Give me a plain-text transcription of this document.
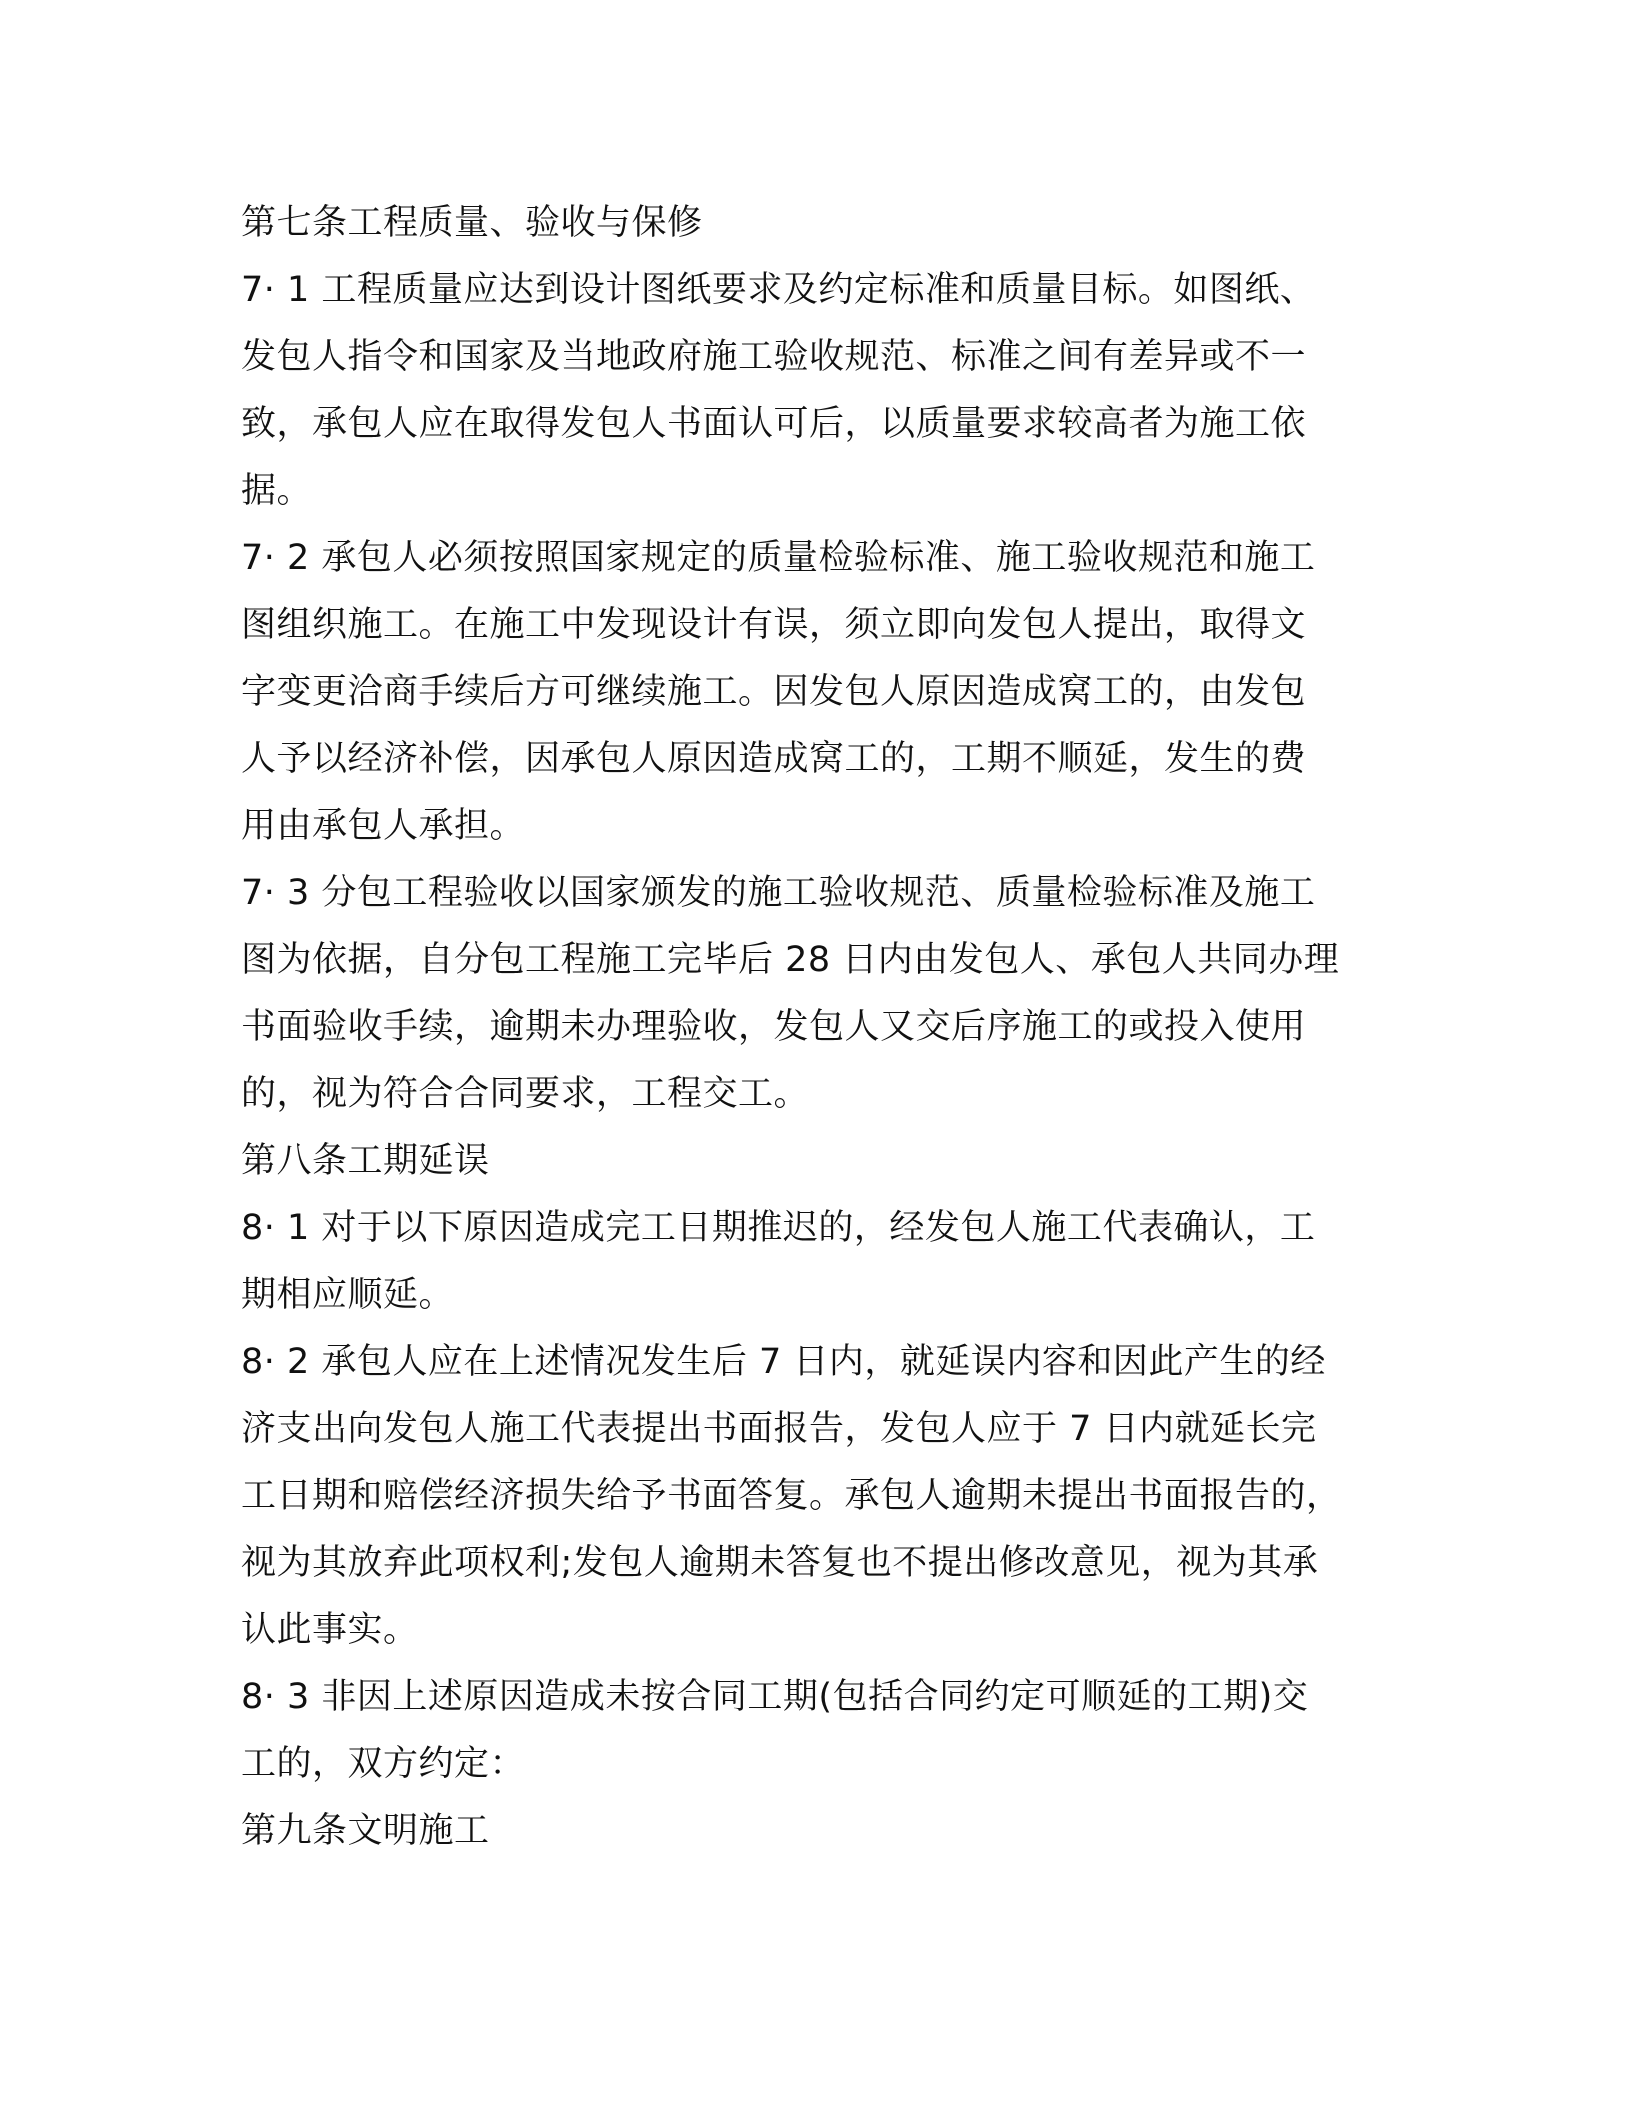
第七条工程质量、验收与保修
7· 1 工程质量应达到设计图纸要求及约定标准和质量目标。如图纸、
发包人指令和国家及当地政府施工验收规范、标准之间有差异或不一
致，承包人应在取得发包人书面认可后，以质量要求较高者为施工依
据。
7· 2 承包人必须按照国家规定的质量检验标准、施工验收规范和施工
图组织施工。在施工中发现设计有误，须立即向发包人提出，取得文
字变更洽商手续后方可继续施工。因发包人原因造成窝工的，由发包
人予以经济补偿，因承包人原因造成窝工的，工期不顺延，发生的费
用由承包人承担。
7· 3 分包工程验收以国家颁发的施工验收规范、质量检验标准及施工
图为依据，自分包工程施工完毕后 28 日内由发包人、承包人共同办理
书面验收手续，逾期未办理验收，发包人又交后序施工的或投入使用
的，视为符合合同要求，工程交工。
第八条工期延误
8· 1 对于以下原因造成完工日期推迟的，经发包人施工代表确认，工
期相应顺延。
8· 2 承包人应在上述情况发生后 7 日内，就延误内容和因此产生的经
济支出向发包人施工代表提出书面报告，发包人应于 7 日内就延长完
工日期和赔偿经济损失给予书面答复。承包人逾期未提出书面报告的，
视为其放弃此项权利;发包人逾期未答复也不提出修改意见，视为其承
认此事实。
8· 3 非因上述原因造成未按合同工期(包括合同约定可顺延的工期)交
工的，双方约定：
第九条文明施工
